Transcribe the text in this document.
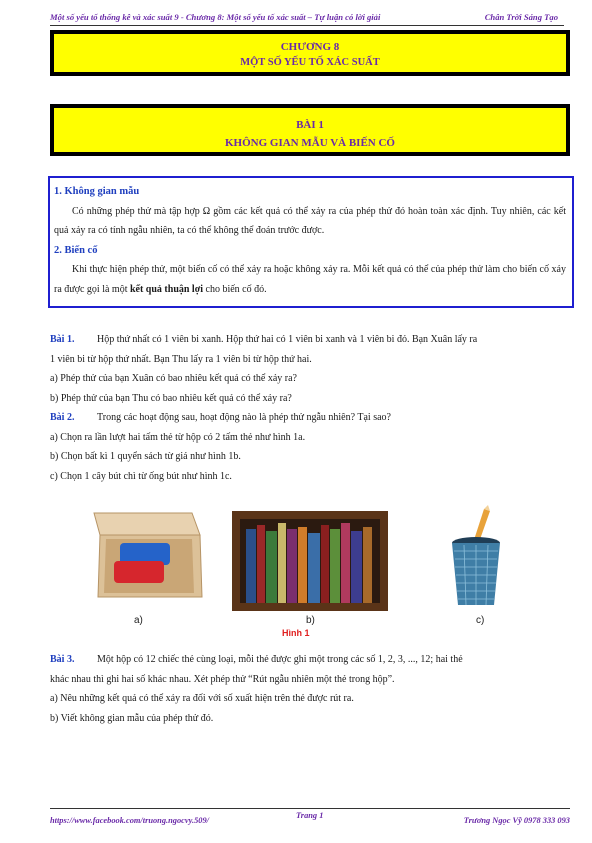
Một số yếu tố thống kê và xác suất 9 - Chương 8: Một số yếu tố xác suất – Tự luận có lời giải	Chân Trời Sáng Tạo
CHƯƠNG 8
MỘT SỐ YẾU TỐ XÁC SUẤT
BÀI 1
KHÔNG GIAN MẪU VÀ BIẾN CỐ
1. Không gian mẫu
Có những phép thử mà tập hợp Ω gồm các kết quả có thể xảy ra của phép thử đó hoàn toàn xác định. Tuy nhiên, các kết quả xảy ra có tính ngẫu nhiên, ta có thể không thể đoán trước được.
2. Biến cố
Khi thực hiện phép thử, một biến cố có thể xảy ra hoặc không xảy ra. Mỗi kết quả có thể của phép thử làm cho biến cố xảy ra được gọi là một kết quả thuận lợi cho biến cố đó.
Bài 1. Hộp thứ nhất có 1 viên bi xanh. Hộp thứ hai có 1 viên bi xanh và 1 viên bi đỏ. Bạn Xuân lấy ra
1 viên bi từ hộp thứ nhất. Bạn Thu lấy ra 1 viên bi từ hộp thứ hai.
a) Phép thử của bạn Xuân có bao nhiêu kết quả có thể xảy ra?
b) Phép thử của bạn Thu có bao nhiêu kết quả có thể xảy ra?
Bài 2. Trong các hoạt động sau, hoạt động nào là phép thử ngẫu nhiên? Tại sao?
a) Chọn ra lần lượt hai tấm thẻ từ hộp có 2 tấm thẻ như hình 1a.
b) Chọn bất kì 1 quyển sách từ giá như hình 1b.
c) Chọn 1 cây bút chì từ ống bút như hình 1c.
a)	b)	c)
Hình 1
Bài 3. Một hộp có 12 chiếc thẻ cùng loại, mỗi thẻ được ghi một trong các số 1, 2, 3, ..., 12; hai thẻ
khác nhau thì ghi hai số khác nhau. Xét phép thử “Rút ngẫu nhiên một thẻ trong hộp”.
a) Nêu những kết quả có thể xảy ra đối với số xuất hiện trên thẻ được rút ra.
b) Viết không gian mẫu của phép thử đó.
https://www.facebook.com/truong.ngocvy.509/
Trang 1
Trương Ngọc Vỹ 0978 333 093
